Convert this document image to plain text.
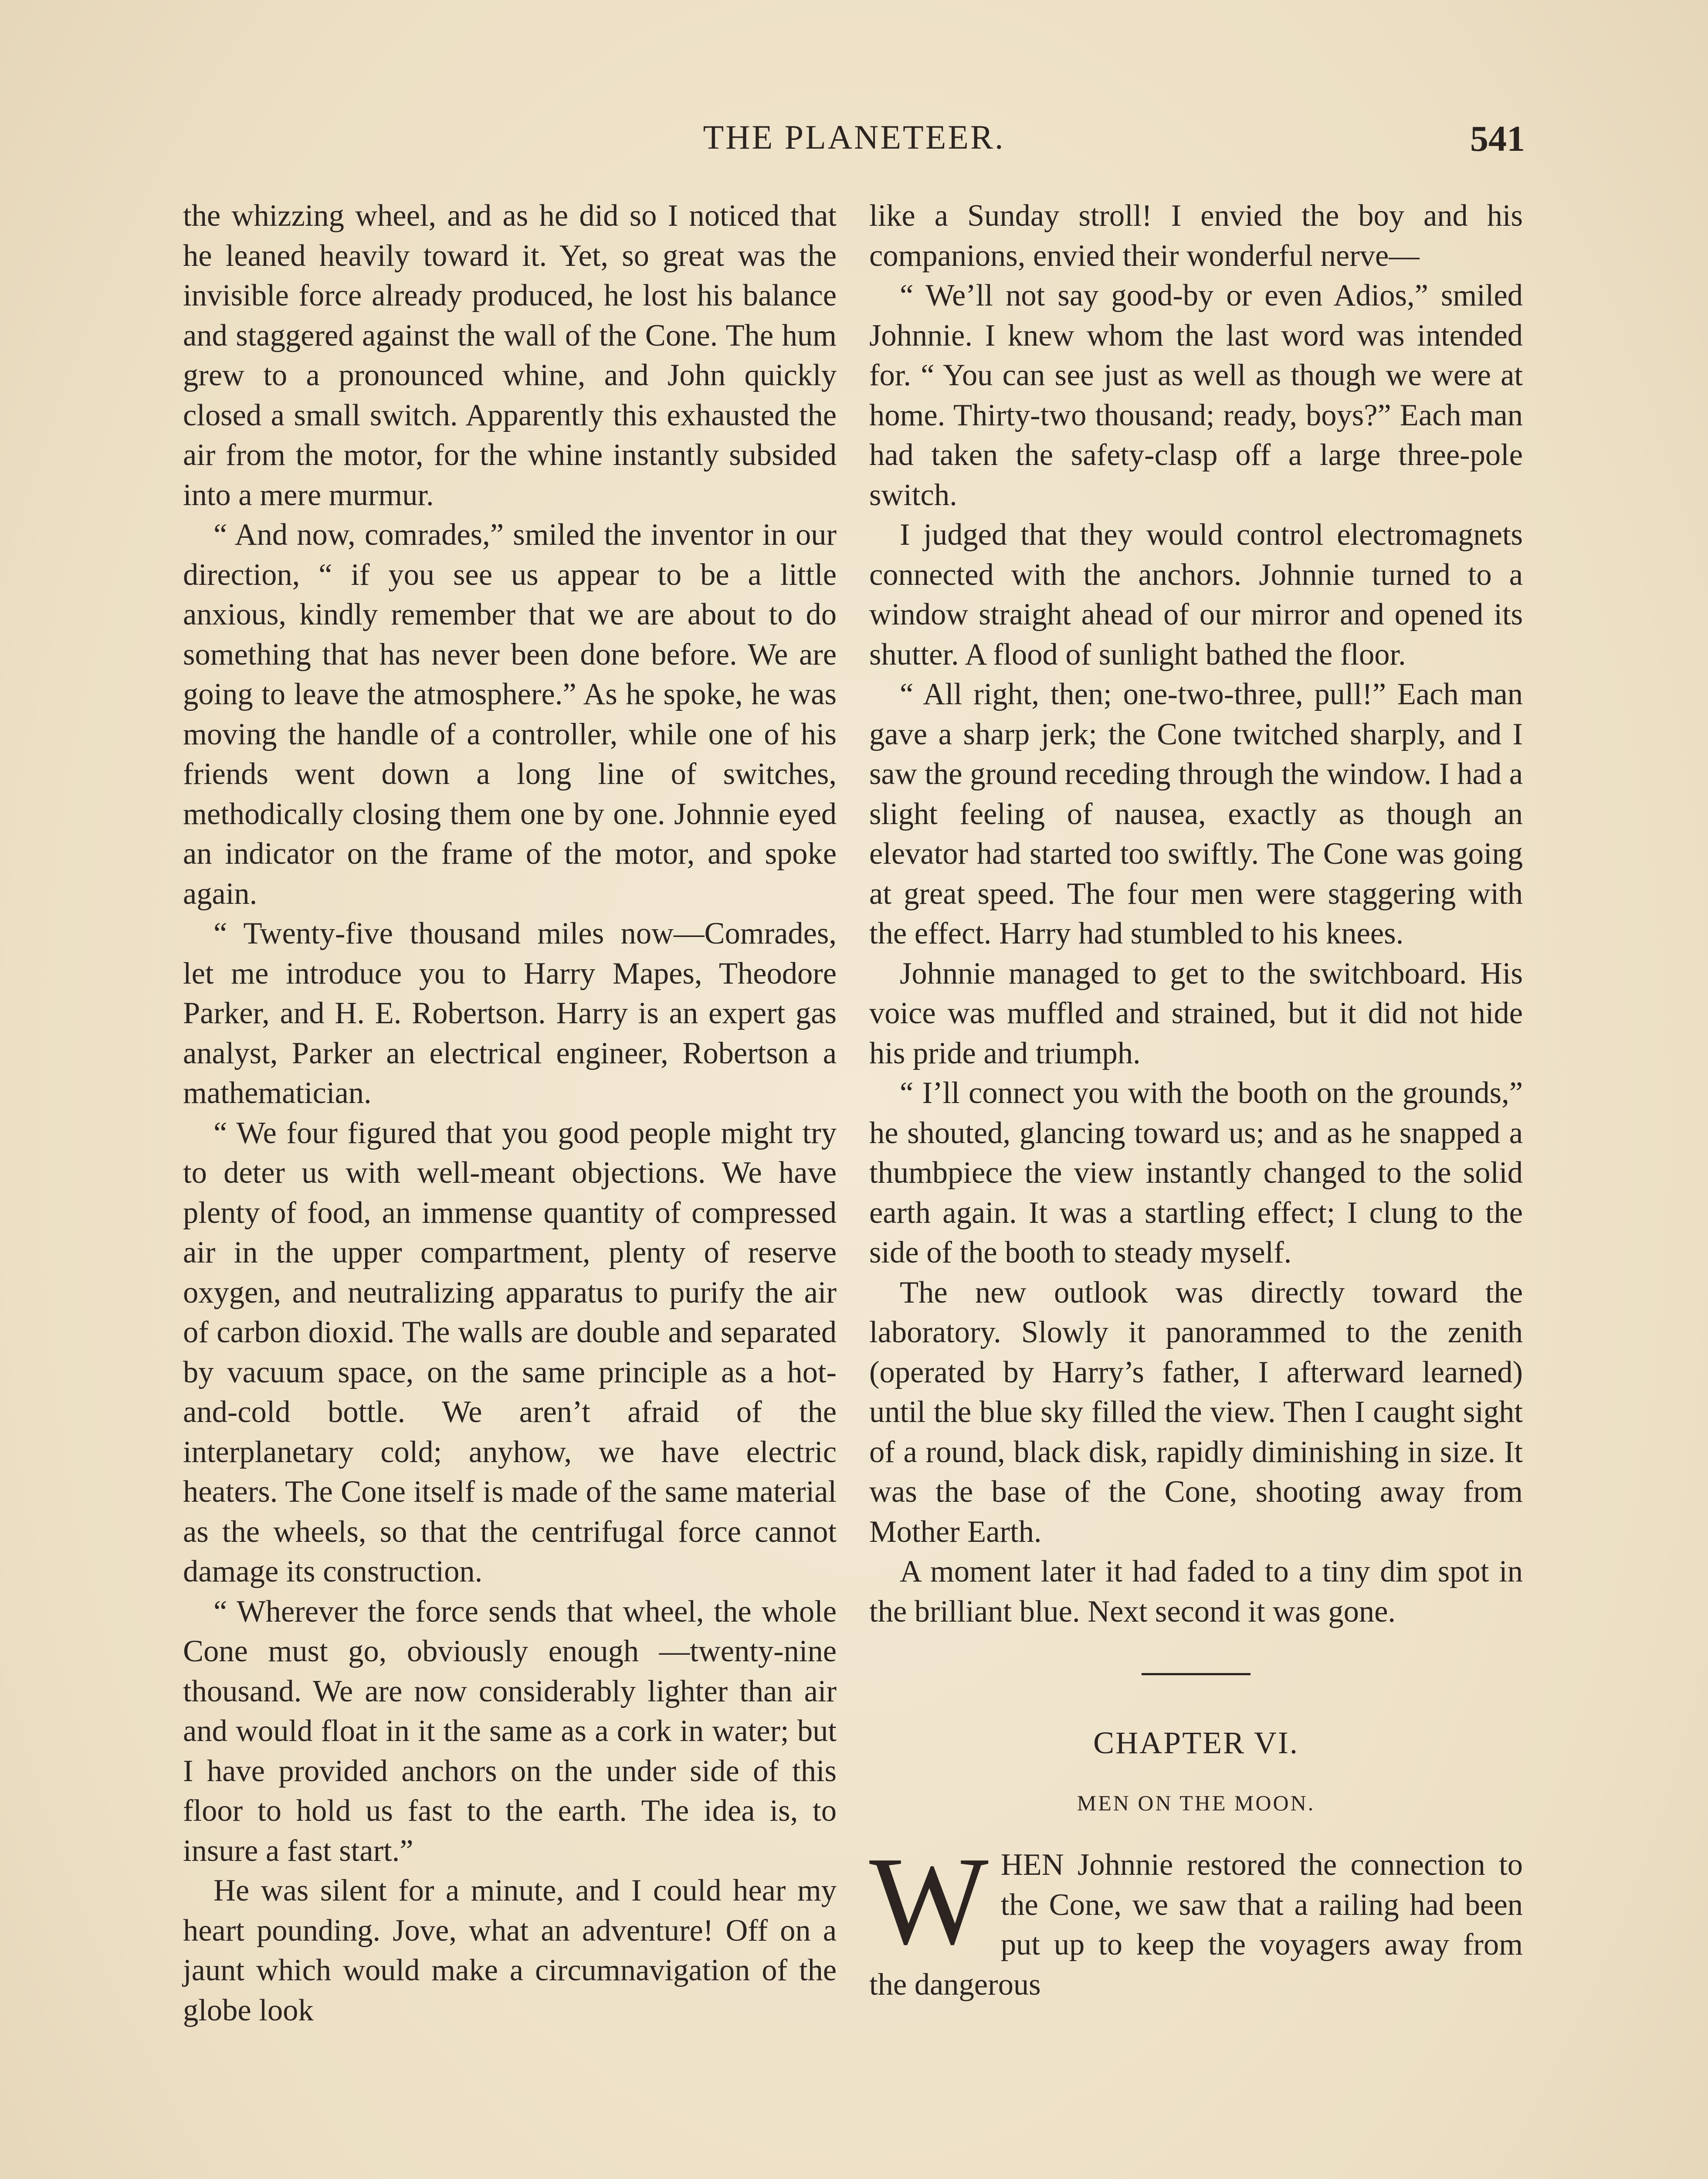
THE PLANETEER.	541

the whizzing wheel, and as he did so I noticed that he leaned heavily toward it. Yet, so great was the invisible force already produced, he lost his balance and staggered against the wall of the Cone. The hum grew to a pronounced whine, and John quickly closed a small switch. Apparently this exhausted the air from the motor, for the whine instantly subsided into a mere murmur.

“ And now, comrades,” smiled the inventor in our direction, “ if you see us appear to be a little anxious, kindly remember that we are about to do something that has never been done before. We are going to leave the atmosphere.” As he spoke, he was moving the handle of a controller, while one of his friends went down a long line of switches, methodically closing them one by one. Johnnie eyed an indicator on the frame of the motor, and spoke again.

“ Twenty-five thousand miles now—Comrades, let me introduce you to Harry Mapes, Theodore Parker, and H. E. Robertson. Harry is an expert gas analyst, Parker an electrical engineer, Robertson a mathematician.

“ We four figured that you good people might try to deter us with well-meant objections. We have plenty of food, an immense quantity of compressed air in the upper compartment, plenty of reserve oxygen, and neutralizing apparatus to purify the air of carbon dioxid. The walls are double and separated by vacuum space, on the same principle as a hot-and-cold bottle. We aren’t afraid of the interplanetary cold; anyhow, we have electric heaters. The Cone itself is made of the same material as the wheels, so that the centrifugal force cannot damage its construction.

“ Wherever the force sends that wheel, the whole Cone must go, obviously enough —twenty-nine thousand. We are now considerably lighter than air and would float in it the same as a cork in water; but I have provided anchors on the under side of this floor to hold us fast to the earth. The idea is, to insure a fast start.”

He was silent for a minute, and I could hear my heart pounding. Jove, what an adventure! Off on a jaunt which would make a circumnavigation of the globe look

like a Sunday stroll! I envied the boy and his companions, envied their wonderful nerve—

“ We’ll not say good-by or even Adios,” smiled Johnnie. I knew whom the last word was intended for. “ You can see just as well as though we were at home. Thirty-two thousand; ready, boys?” Each man had taken the safety-clasp off a large three-pole switch.

I judged that they would control electromagnets connected with the anchors. Johnnie turned to a window straight ahead of our mirror and opened its shutter. A flood of sunlight bathed the floor.

“ All right, then; one-two-three, pull!” Each man gave a sharp jerk; the Cone twitched sharply, and I saw the ground receding through the window. I had a slight feeling of nausea, exactly as though an elevator had started too swiftly. The Cone was going at great speed. The four men were staggering with the effect. Harry had stumbled to his knees.

Johnnie managed to get to the switchboard. His voice was muffled and strained, but it did not hide his pride and triumph.

“ I’ll connect you with the booth on the grounds,” he shouted, glancing toward us; and as he snapped a thumbpiece the view instantly changed to the solid earth again. It was a startling effect; I clung to the side of the booth to steady myself.

The new outlook was directly toward the laboratory. Slowly it panorammed to the zenith (operated by Harry’s father, I afterward learned) until the blue sky filled the view. Then I caught sight of a round, black disk, rapidly diminishing in size. It was the base of the Cone, shooting away from Mother Earth.

A moment later it had faded to a tiny dim spot in the brilliant blue. Next second it was gone.

CHAPTER VI.

MEN ON THE MOON.

WHEN Johnnie restored the connection to the Cone, we saw that a railing had been put up to keep the voyagers away from the dangerous
